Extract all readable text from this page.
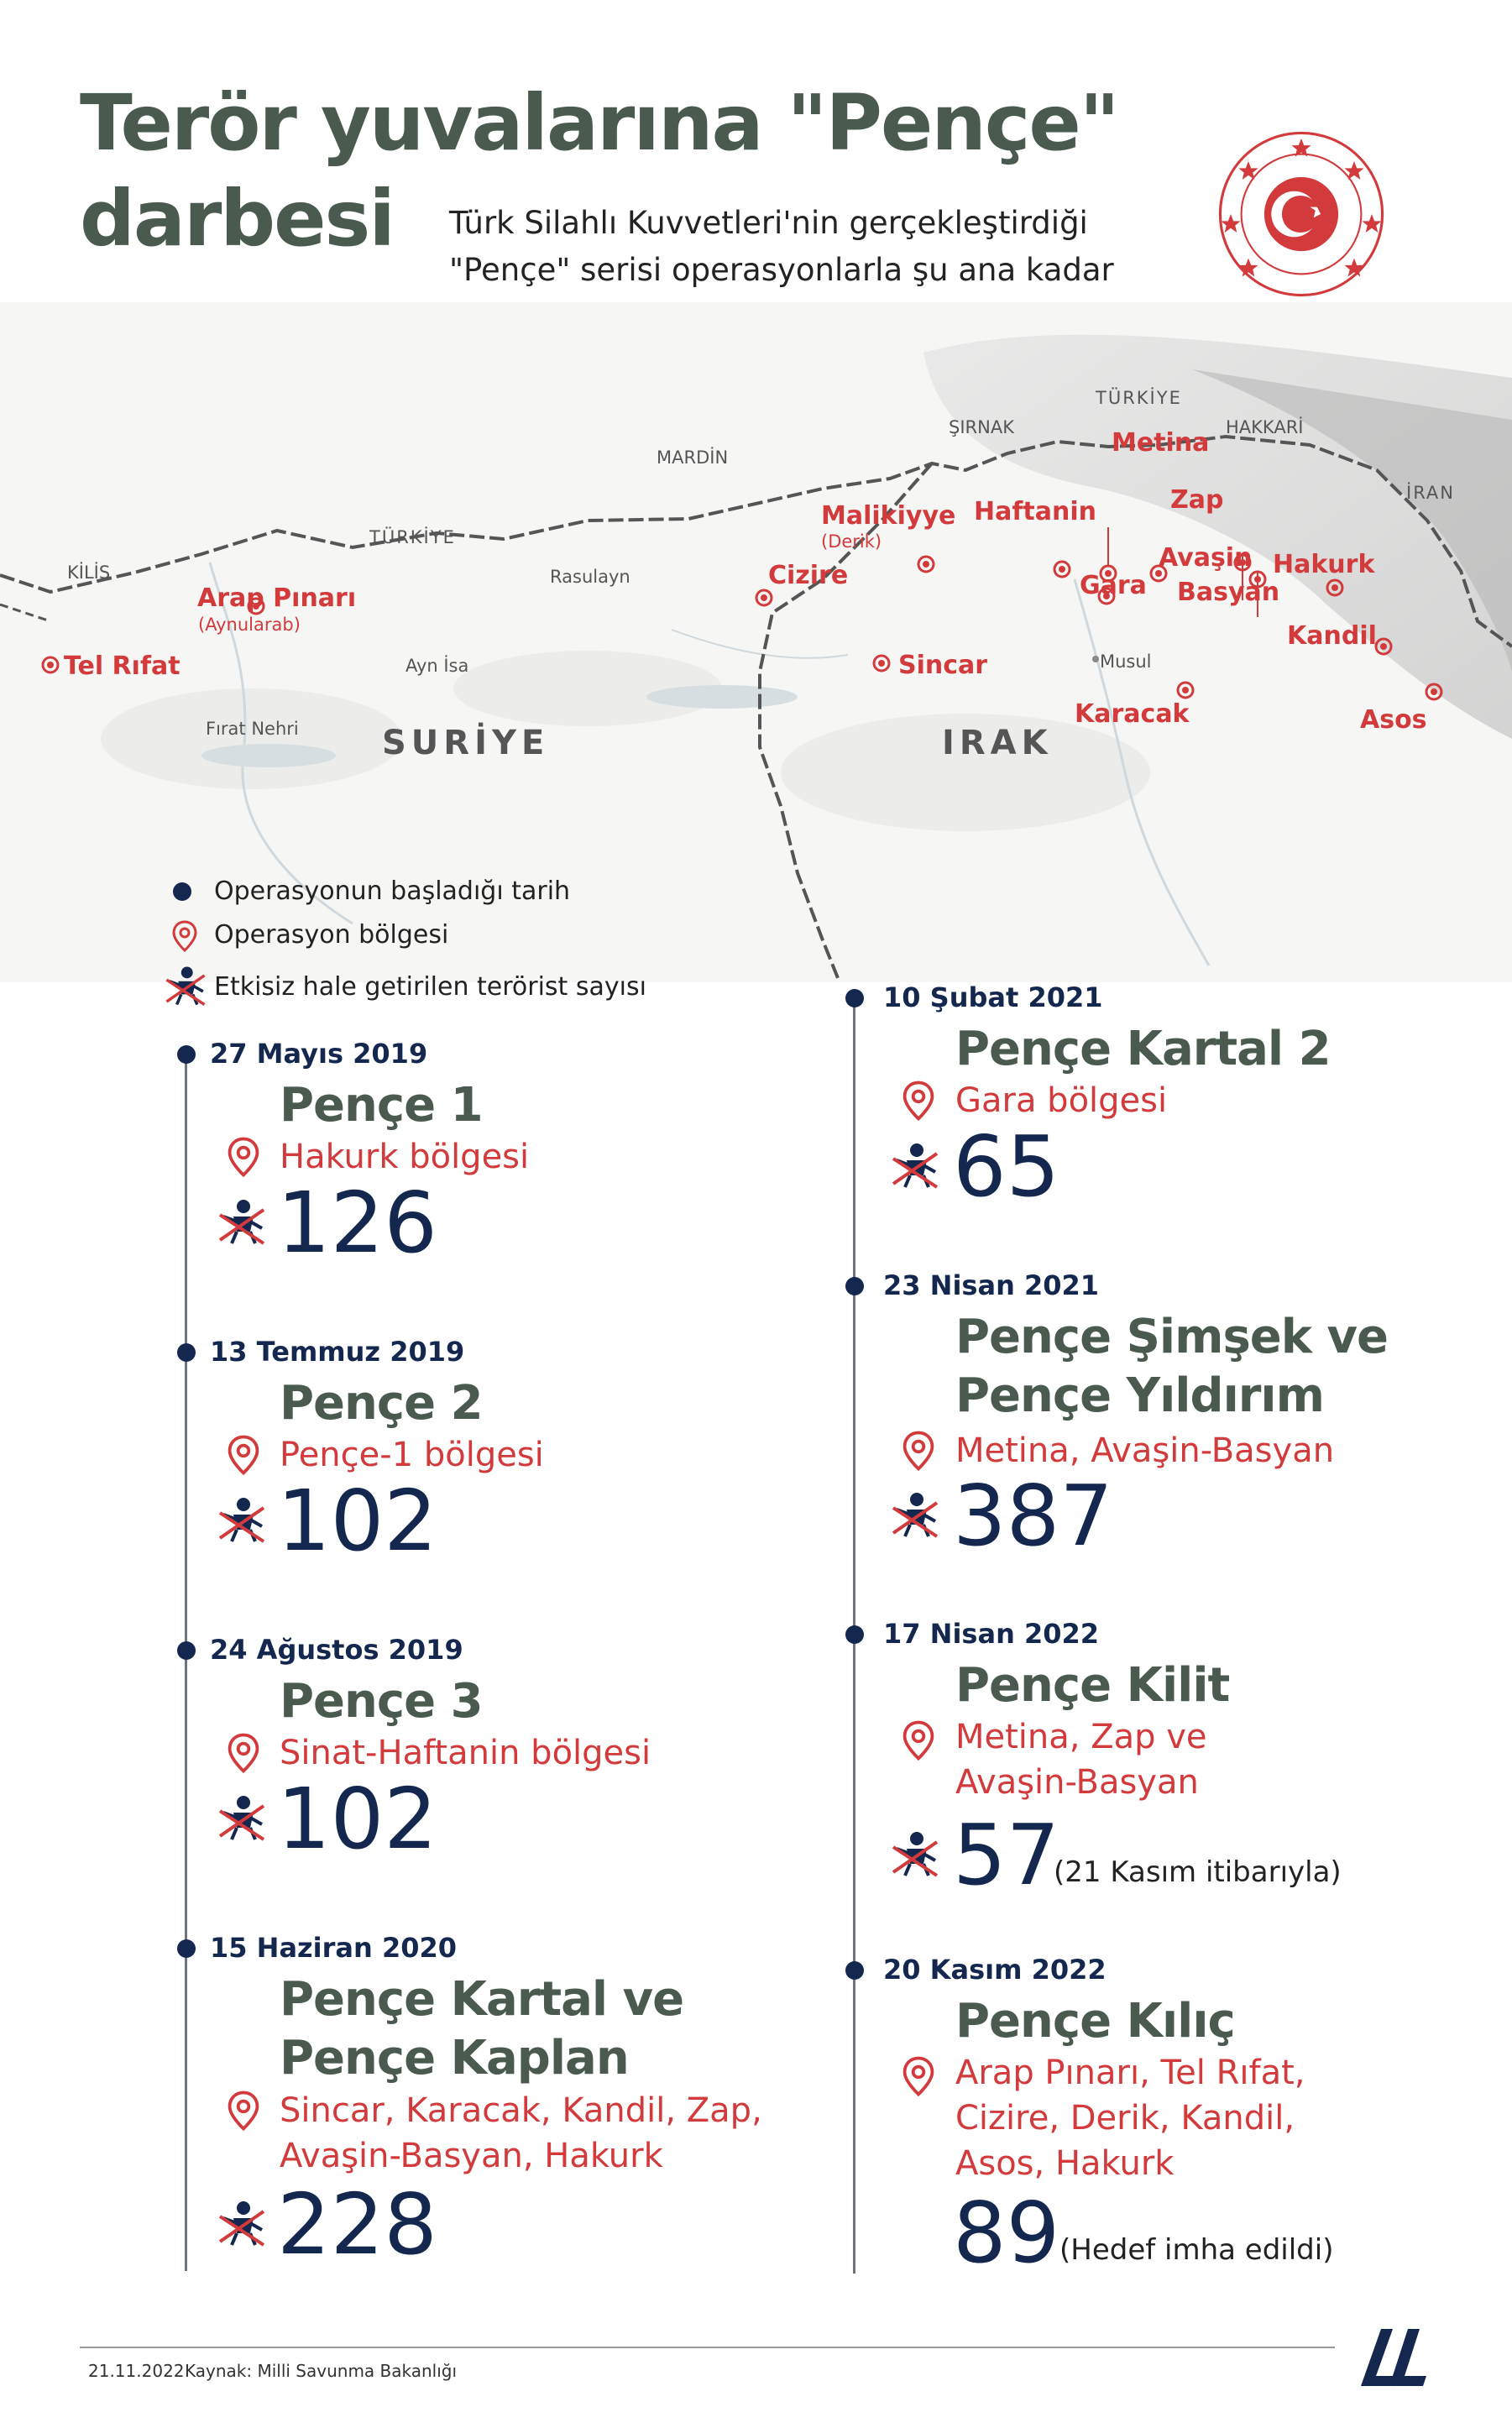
Terör yuvalarına "Pençe"
darbesi	Türk Silahlı Kuvvetleri'nin gerçekleştirdiği
"Pençe" serisi operasyonlarla şu ana kadar
SURİYE	IRAK
TÜRKİYE
TÜRKİYE
İRAN
KİLİS
MARDİN
ŞIRNAK	HAKKARİ
Rasulayn
Ayn İsa
Fırat Nehri
Musul
Tel Rıfat
Arap Pınarı
(Aynularab)
Cizire
Malikiyye
(Derik)
Sincar
Haftanin
Metina
Zap
Gara
Avaşin
Basyan
Hakurk
Kandil
Karacak	Asos
Operasyonun başladığı tarih
Operasyon bölgesi
Etkisiz hale getirilen terörist sayısı
27 Mayıs 2019
Pençe 1
Hakurk bölgesi
126
13 Temmuz 2019
Pençe 2
Pençe-1 bölgesi
102
24 Ağustos 2019
Pençe 3
Sinat-Haftanin bölgesi
102
15 Haziran 2020
Pençe Kartal ve
Pençe Kaplan
Sincar, Karacak, Kandil, Zap,
Avaşin-Basyan, Hakurk
228
10 Şubat 2021
Pençe Kartal 2
Gara bölgesi
65
23 Nisan 2021
Pençe Şimşek ve
Pençe Yıldırım
Metina, Avaşin-Basyan
387
17 Nisan 2022
Pençe Kilit
Metina, Zap ve
Avaşin-Basyan
57
(21 Kasım itibarıyla)
20 Kasım 2022
Pençe Kılıç
Arap Pınarı, Tel Rıfat,
Cizire, Derik, Kandil,
Asos, Hakurk
89 (Hedef imha edildi)
21.11.2022 Kaynak: Milli Savunma Bakanlığı
AA
